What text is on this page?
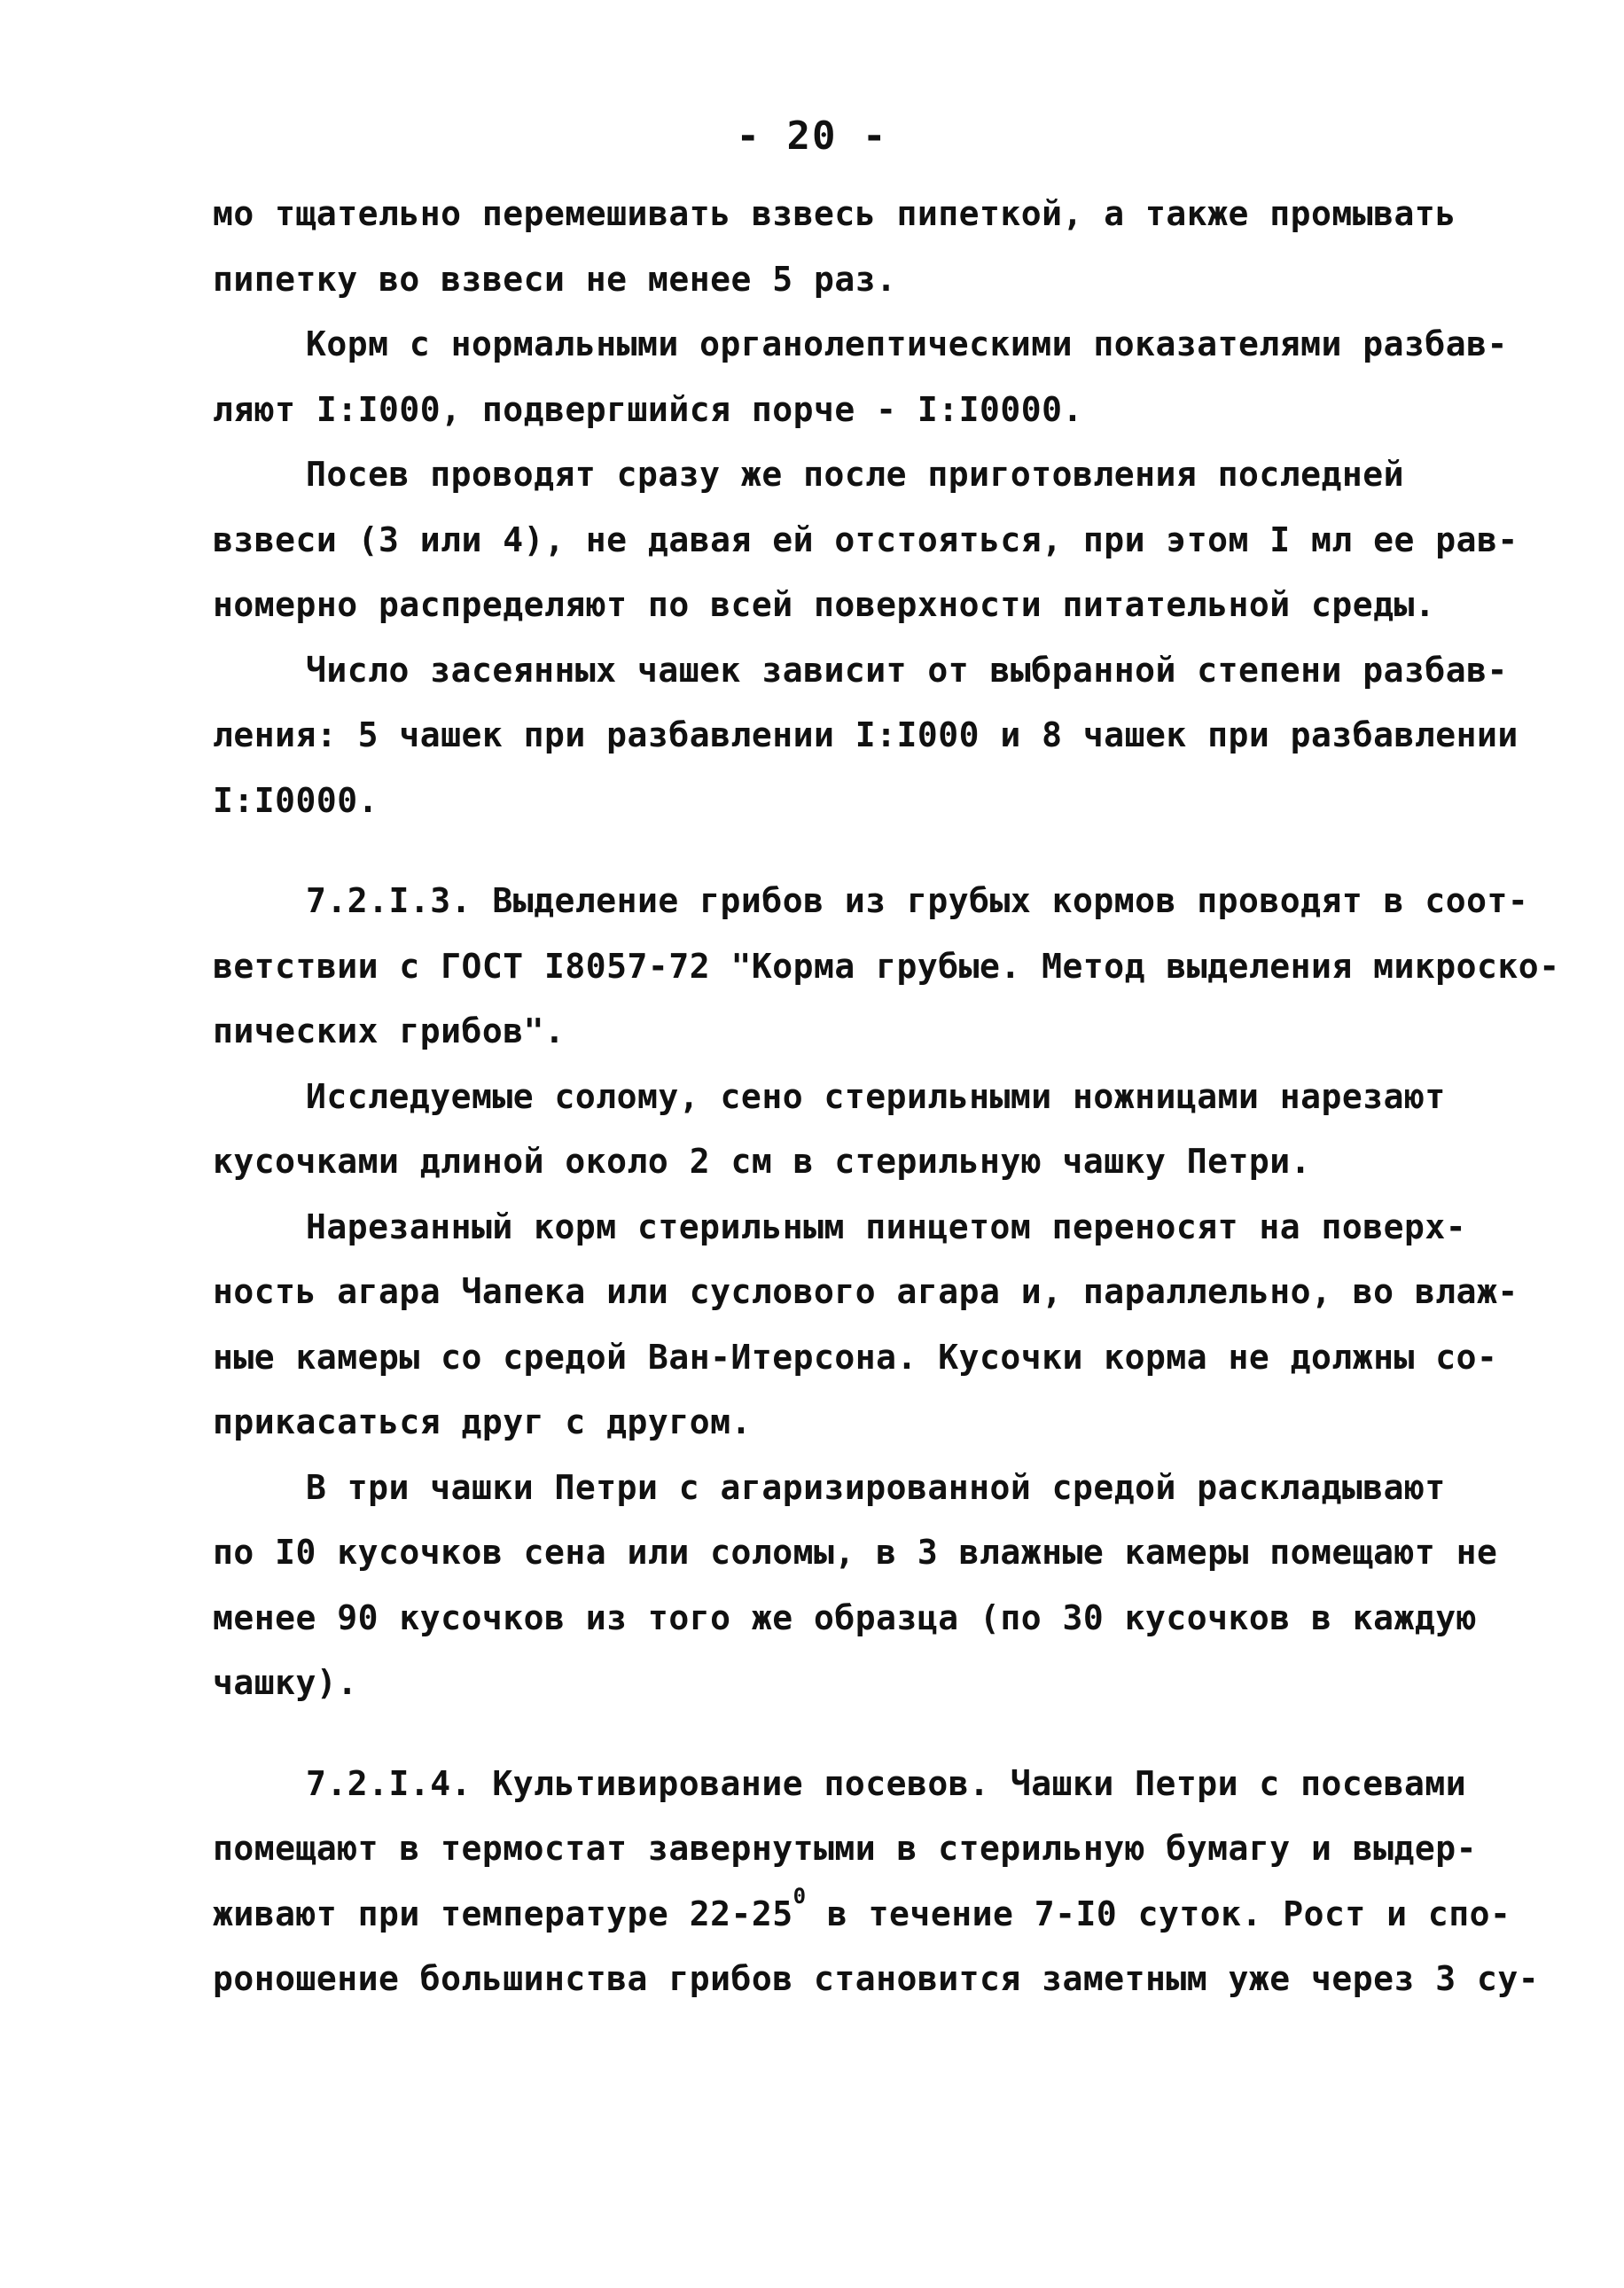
- 20 -

мо тщательно перемешивать взвесь пипеткой, а также промывать
пипетку во взвеси не менее 5 раз.

Корм с нормальными органолептическими показателями разбав-
ляют I:I000, подвергшийся порче - I:I0000.

Посев проводят сразу же после приготовления последней
взвеси (3 или 4), не давая ей отстояться, при этом I мл ее рав-
номерно распределяют по всей поверхности питательной среды.

Число засеянных чашек зависит от выбранной степени разбав-
ления: 5 чашек при разбавлении I:I000 и 8 чашек при разбавлении
I:I0000.

7.2.I.3. Выделение грибов из грубых кормов проводят в соот-
ветствии с ГОСТ I8057-72 "Корма грубые. Метод выделения микроско-
пических грибов".

Исследуемые солому, сено стерильными ножницами нарезают
кусочками длиной около 2 см в стерильную чашку Петри.

Нарезанный корм стерильным пинцетом переносят на поверх-
ность агара Чапека или суслового агара и, параллельно, во влаж-
ные камеры со средой Ван-Итерсона. Кусочки корма не должны со-
прикасаться друг с другом.

В три чашки Петри с агаризированной средой раскладывают
по I0 кусочков сена или соломы, в 3 влажные камеры помещают не
менее 90 кусочков из того же образца (по 30 кусочков в каждую
чашку).

7.2.I.4. Культивирование посевов. Чашки Петри с посевами
помещают в термостат завернутыми в стерильную бумагу и выдер-
живают при температуре $22-25^0$ в течение 7-I0 суток. Рост и спо-
роношение большинства грибов становится заметным уже через 3 су-
